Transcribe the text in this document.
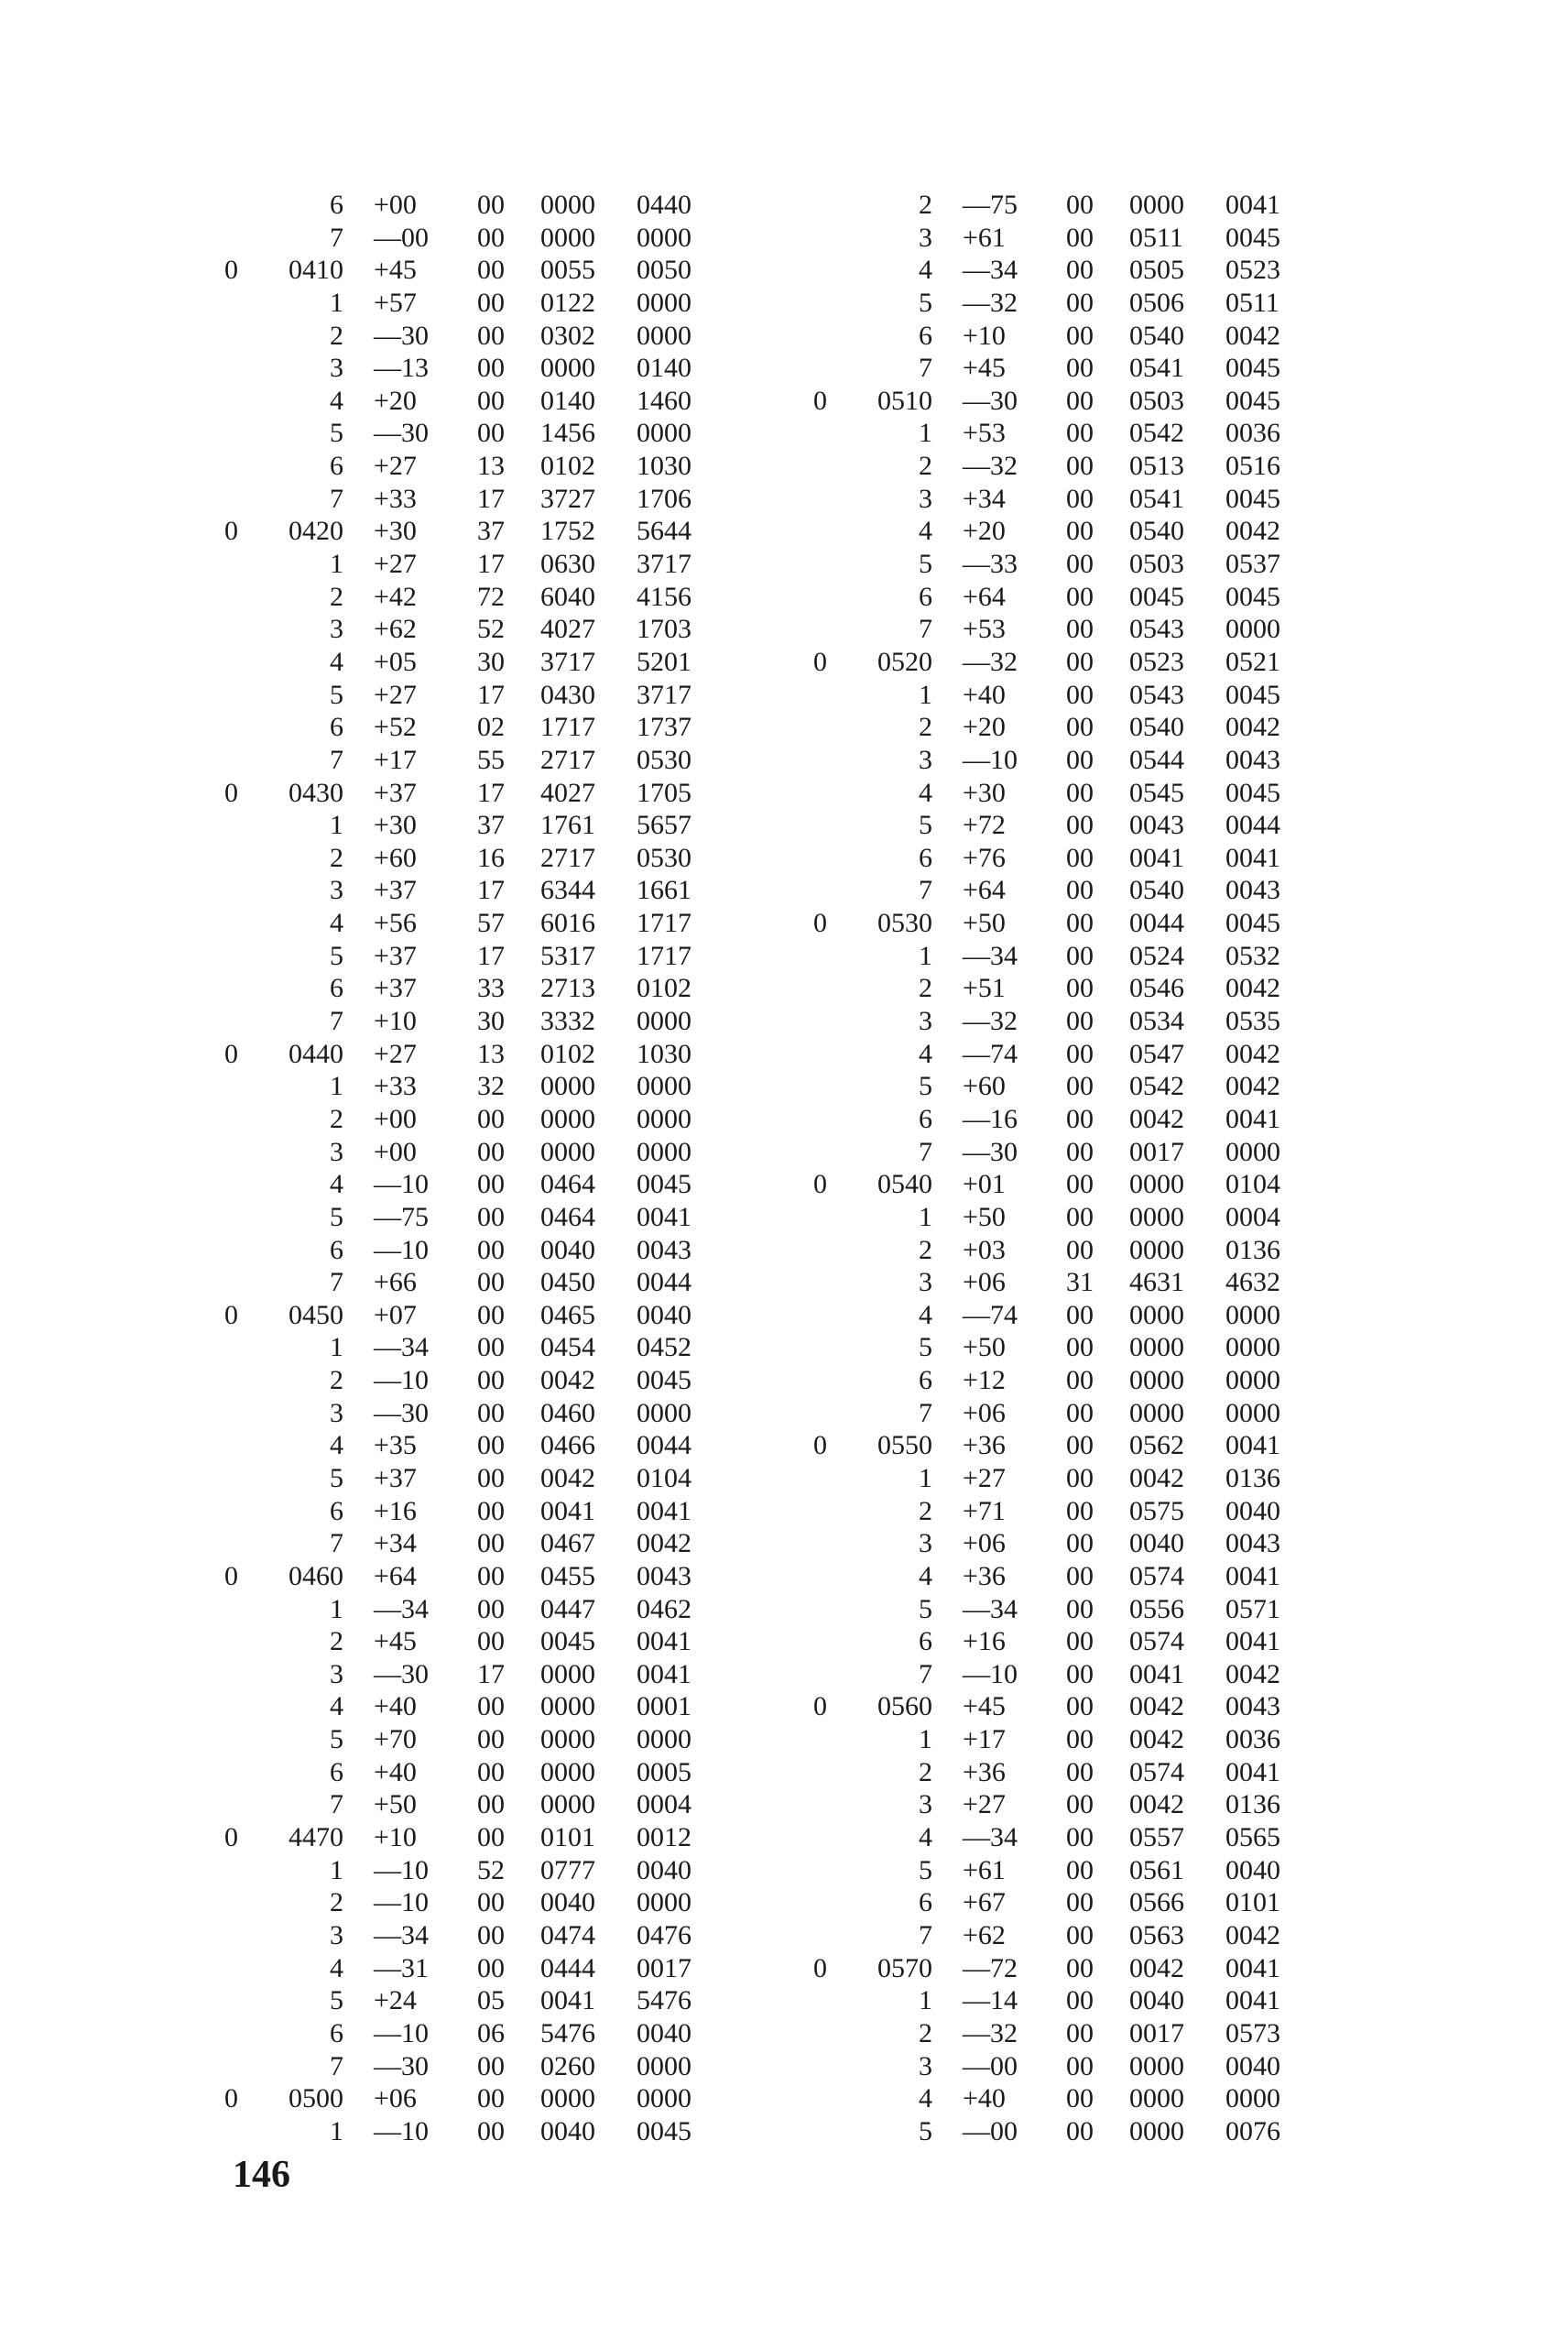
6 +00	00	0000	0440
7 —00	00	0000	0000
0	0410 +45	00	0055	0050
1 +57	00	0122	0000
2 —30	00	0302	0000
3 —13	00	0000	0140
4 +20	00	0140	1460
5 —30	00	1456	0000
6 +27	13	0102	1030
7 +33	17	3727	1706
0	0420 +30	37	1752	5644
1 +27	17	0630	3717
2 +42	72	6040	4156
3 +62	52	4027	1703
4 +05	30	3717	5201
5 +27	17	0430	3717
6 +52	02	1717	1737
7 +17	55	2717	0530
0	0430 +37	17	4027	1705
1 +30	37	1761	5657
2 +60	16	2717	0530
3 +37	17	6344	1661
4 +56	57	6016	1717
5 +37	17	5317	1717
6 +37	33	2713	0102
7 +10	30	3332	0000
0	0440 +27	13	0102	1030
1 +33	32	0000	0000
2 +00	00	0000	0000
3 +00	00	0000	0000
4 —10	00	0464	0045
5 —75	00	0464	0041
6 —10	00	0040	0043
7 +66	00	0450	0044
0	0450 +07	00	0465	0040
1 —34	00	0454	0452
2 —10	00	0042	0045
3 —30	00	0460	0000
4 +35	00	0466	0044
5 +37	00	0042	0104
6 +16	00	0041	0041
7 +34	00	0467	0042
0	0460 +64	00	0455	0043
1 —34	00	0447	0462
2 +45	00	0045	0041
3 —30	17	0000	0041
4 +40	00	0000	0001
5 +70	00	0000	0000
6 +40	00	0000	0005
7 +50	00	0000	0004
0	4470 +10	00	0101	0012
1 —10	52	0777	0040
2 —10	00	0040	0000
3 —34	00	0474	0476
4 —31	00	0444	0017
5 +24	05	0041	5476
6 —10	06	5476	0040
7 —30	00	0260	0000
0	0500 +06	00	0000	0000
1 —10	00	0040	0045
2 —75	00	0000	0041
3 +61	00	0511	0045
4 —34	00	0505	0523
5 —32	00	0506	0511
6 +10	00	0540	0042
7 +45	00	0541	0045
0	0510 —30	00	0503	0045
1 +53	00	0542	0036
2 —32	00	0513	0516
3 +34	00	0541	0045
4 +20	00	0540	0042
5 —33	00	0503	0537
6 +64	00	0045	0045
7 +53	00	0543	0000
0	0520 —32	00	0523	0521
1 +40	00	0543	0045
2 +20	00	0540	0042
3 —10	00	0544	0043
4 +30	00	0545	0045
5 +72	00	0043	0044
6 +76	00	0041	0041
7 +64	00	0540	0043
0	0530 +50	00	0044	0045
1 —34	00	0524	0532
2 +51	00	0546	0042
3 —32	00	0534	0535
4 —74	00	0547	0042
5 +60	00	0542	0042
6 —16	00	0042	0041
7 —30	00	0017	0000
0	0540 +01	00	0000	0104
1 +50	00	0000	0004
2 +03	00	0000	0136
3 +06	31	4631	4632
4 —74	00	0000	0000
5 +50	00	0000	0000
6 +12	00	0000	0000
7 +06	00	0000	0000
0	0550 +36	00	0562	0041
1 +27	00	0042	0136
2 +71	00	0575	0040
3 +06	00	0040	0043
4 +36	00	0574	0041
5 —34	00	0556	0571
6 +16	00	0574	0041
7 —10	00	0041	0042
0	0560 +45	00	0042	0043
1 +17	00	0042	0036
2 +36	00	0574	0041
3 +27	00	0042	0136
4 —34	00	0557	0565
5 +61	00	0561	0040
6 +67	00	0566	0101
7 +62	00	0563	0042
0	0570 —72	00	0042	0041
1 —14	00	0040	0041
2 —32	00	0017	0573
3 —00	00	0000	0040
4 +40	00	0000	0000
5 —00	00	0000	0076
146
